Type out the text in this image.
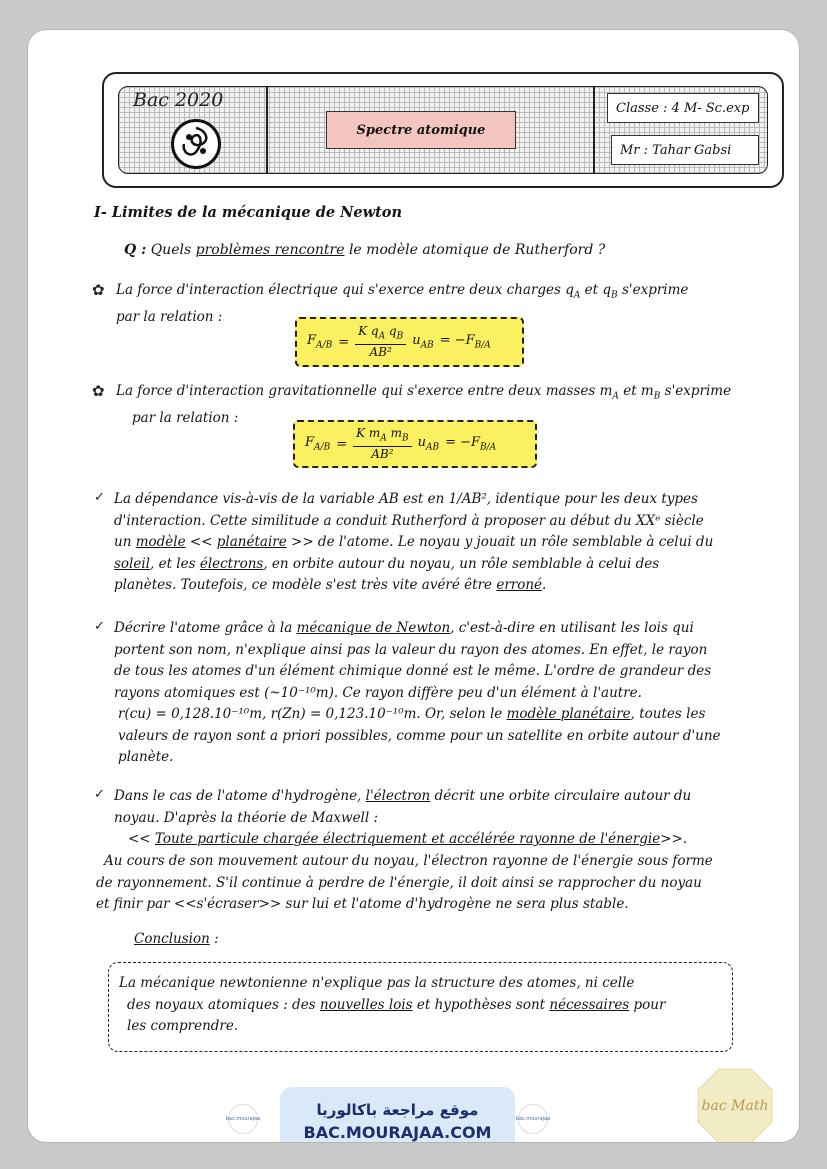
Bac 2020
Spectre atomique
Classe : 4 M- Sc.exp
Mr : Tahar Gabsi
I- Limites de la mécanique de Newton
Q : Quels problèmes rencontre le modèle atomique de Rutherford ?
✿ La force d'interaction électrique qui s'exerce entre deux charges $q_A$ et $q_B$ s'exprime
par la relation :
$F_{A/B} = \frac{K q_A q_B}{\text{AB²}} u_{AB} = -F_{B/A}$
✿ La force d'interaction gravitationnelle qui s'exerce entre deux masses $m_A$ et $m_B$ s'exprime
par la relation :
$F_{A/B} = \frac{K m_A m_B}{\text{AB²}} u_{AB} = -F_{B/A}$
✓ La dépendance vis-à-vis de la variable AB est en 1/AB², identique pour les deux types

d'interaction. Cette similitude a conduit Rutherford à proposer au début du XXᵉ siècle

un modèle << planétaire >> de l'atome. Le noyau y jouait un rôle semblable à celui du

soleil, et les électrons, en orbite autour du noyau, un rôle semblable à celui des

planètes. Toutefois, ce modèle s'est très vite avéré être erroné.

✓ Décrire l'atome grâce à la mécanique de Newton, c'est-à-dire en utilisant les lois qui

portent son nom, n'explique ainsi pas la valeur du rayon des atomes. En effet, le rayon

de tous les atomes d'un élément chimique donné est le même. L'ordre de grandeur des

rayons atomiques est (~10⁻¹⁰m). Ce rayon diffère peu d'un élément à l'autre.

r(cu) = 0,128.10⁻¹⁰m, r(Zn) = 0,123.10⁻¹⁰m. Or, selon le modèle planétaire, toutes les

valeurs de rayon sont a priori possibles, comme pour un satellite en orbite autour d'une

planète.

✓ Dans le cas de l'atome d'hydrogène, l'électron décrit une orbite circulaire autour du

noyau. D'après la théorie de Maxwell :

<< Toute particule chargée électriquement et accélérée rayonne de l'énergie>>.

Au cours de son mouvement autour du noyau, l'électron rayonne de l'énergie sous forme

de rayonnement. S'il continue à perdre de l'énergie, il doit ainsi se rapprocher du noyau

et finir par <<s'écraser>> sur lui et l'atome d'hydrogène ne sera plus stable.

Conclusion :

La mécanique newtonienne n'explique pas la structure des atomes, ni celle

des noyaux atomiques : des nouvelles lois et hypothèses sont nécessaires pour

les comprendre.

bac.mourajaa
موقع مراجعة باكالوريا
BAC.MOURAJAA.COM
bac.mourajaa
bac Math
